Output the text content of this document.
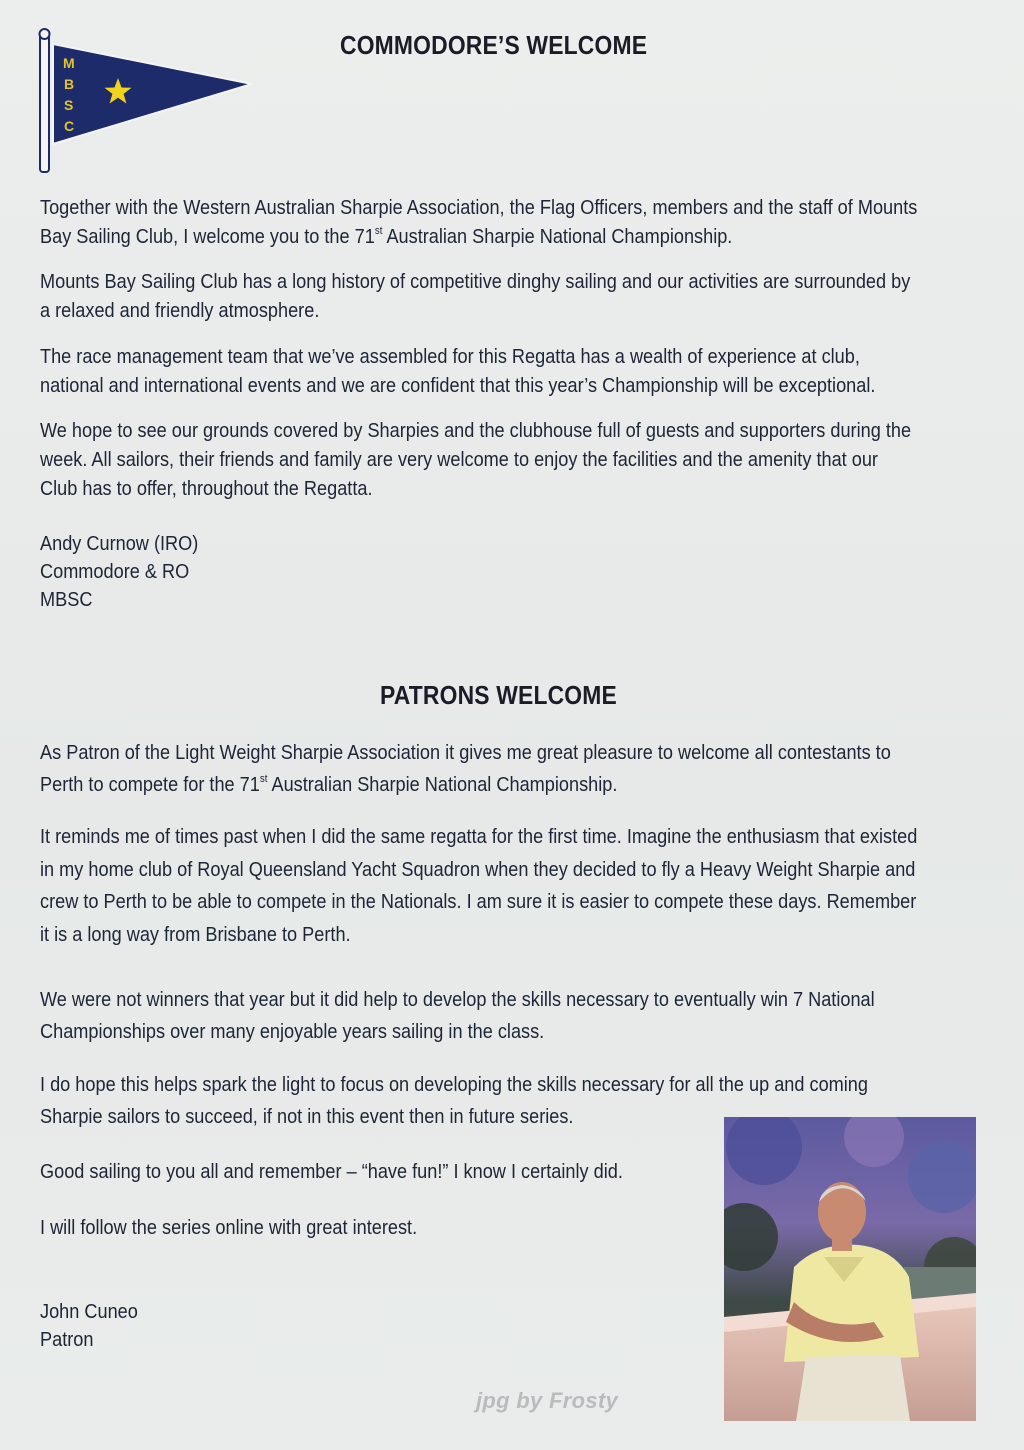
M
B
S
C
COMMODORE’S WELCOME

Together with the Western Australian Sharpie Association, the Flag Officers, members and the staff of Mounts
Bay Sailing Club, I welcome you to the 71st Australian Sharpie National Championship.

Mounts Bay Sailing Club has a long history of competitive dinghy sailing and our activities are surrounded by
a relaxed and friendly atmosphere.

The race management team that we’ve assembled for this Regatta has a wealth of experience at club,
national and international events and we are confident that this year’s Championship will be exceptional.

We hope to see our grounds covered by Sharpies and the clubhouse full of guests and supporters during the
week. All sailors, their friends and family are very welcome to enjoy the facilities and the amenity that our
Club has to offer, throughout the Regatta.

Andy Curnow (IRO)
Commodore & RO
MBSC
PATRONS WELCOME

As Patron of the Light Weight Sharpie Association it gives me great pleasure to welcome all contestants to
Perth to compete for the 71st Australian Sharpie National Championship.

It reminds me of times past when I did the same regatta for the first time. Imagine the enthusiasm that existed
in my home club of Royal Queensland Yacht Squadron when they decided to fly a Heavy Weight Sharpie and
crew to Perth to be able to compete in the Nationals. I am sure it is easier to compete these days. Remember
it is a long way from Brisbane to Perth.

We were not winners that year but it did help to develop the skills necessary to eventually win 7 National
Championships over many enjoyable years sailing in the class.

I do hope this helps spark the light to focus on developing the skills necessary for all the up and coming
Sharpie sailors to succeed, if not in this event then in future series.

Good sailing to you all and remember – “have fun!” I know I certainly did.

I will follow the series online with great interest.

John Cuneo
Patron
jpg by Frosty
